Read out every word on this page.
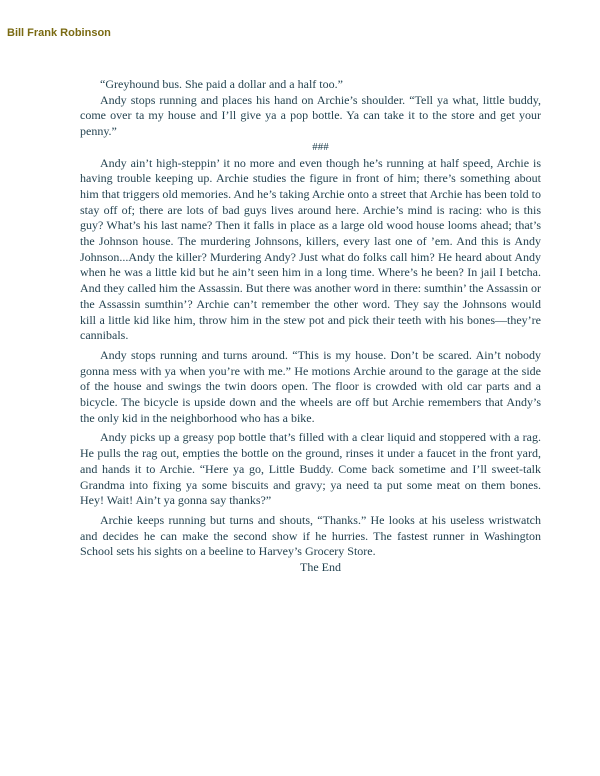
Bill Frank Robinson

“Greyhound bus. She paid a dollar and a half too.”

Andy stops running and places his hand on Archie’s shoulder. “Tell ya what, little buddy, come over ta my house and I’ll give ya a pop bottle. Ya can take it to the store and get your penny.”

###

Andy ain’t high-steppin’ it no more and even though he’s running at half speed, Archie is having trouble keeping up. Archie studies the figure in front of him; there’s something about him that triggers old memories. And he’s taking Archie onto a street that Archie has been told to stay off of; there are lots of bad guys lives around here. Archie’s mind is racing: who is this guy? What’s his last name? Then it falls in place as a large old wood house looms ahead; that’s the Johnson house. The murdering Johnsons, killers, every last one of ’em. And this is Andy Johnson...Andy the killer? Murdering Andy? Just what do folks call him? He heard about Andy when he was a little kid but he ain’t seen him in a long time. Where’s he been? In jail I betcha. And they called him the Assassin. But there was another word in there: sumthin’ the Assassin or the Assassin sumthin’? Archie can’t remember the other word. They say the Johnsons would kill a little kid like him, throw him in the stew pot and pick their teeth with his bones—they’re cannibals.

Andy stops running and turns around. “This is my house. Don’t be scared. Ain’t nobody gonna mess with ya when you’re with me.” He motions Archie around to the garage at the side of the house and swings the twin doors open. The floor is crowded with old car parts and a bicycle. The bicycle is upside down and the wheels are off but Archie remembers that Andy’s the only kid in the neighborhood who has a bike.

Andy picks up a greasy pop bottle that’s filled with a clear liquid and stoppered with a rag. He pulls the rag out, empties the bottle on the ground, rinses it under a faucet in the front yard, and hands it to Archie. “Here ya go, Little Buddy. Come back sometime and I’ll sweet-talk Grandma into fixing ya some biscuits and gravy; ya need ta put some meat on them bones. Hey! Wait! Ain’t ya gonna say thanks?”

Archie keeps running but turns and shouts, “Thanks.” He looks at his useless wristwatch and decides he can make the second show if he hurries. The fastest runner in Washington School sets his sights on a beeline to Harvey’s Grocery Store.

The End
